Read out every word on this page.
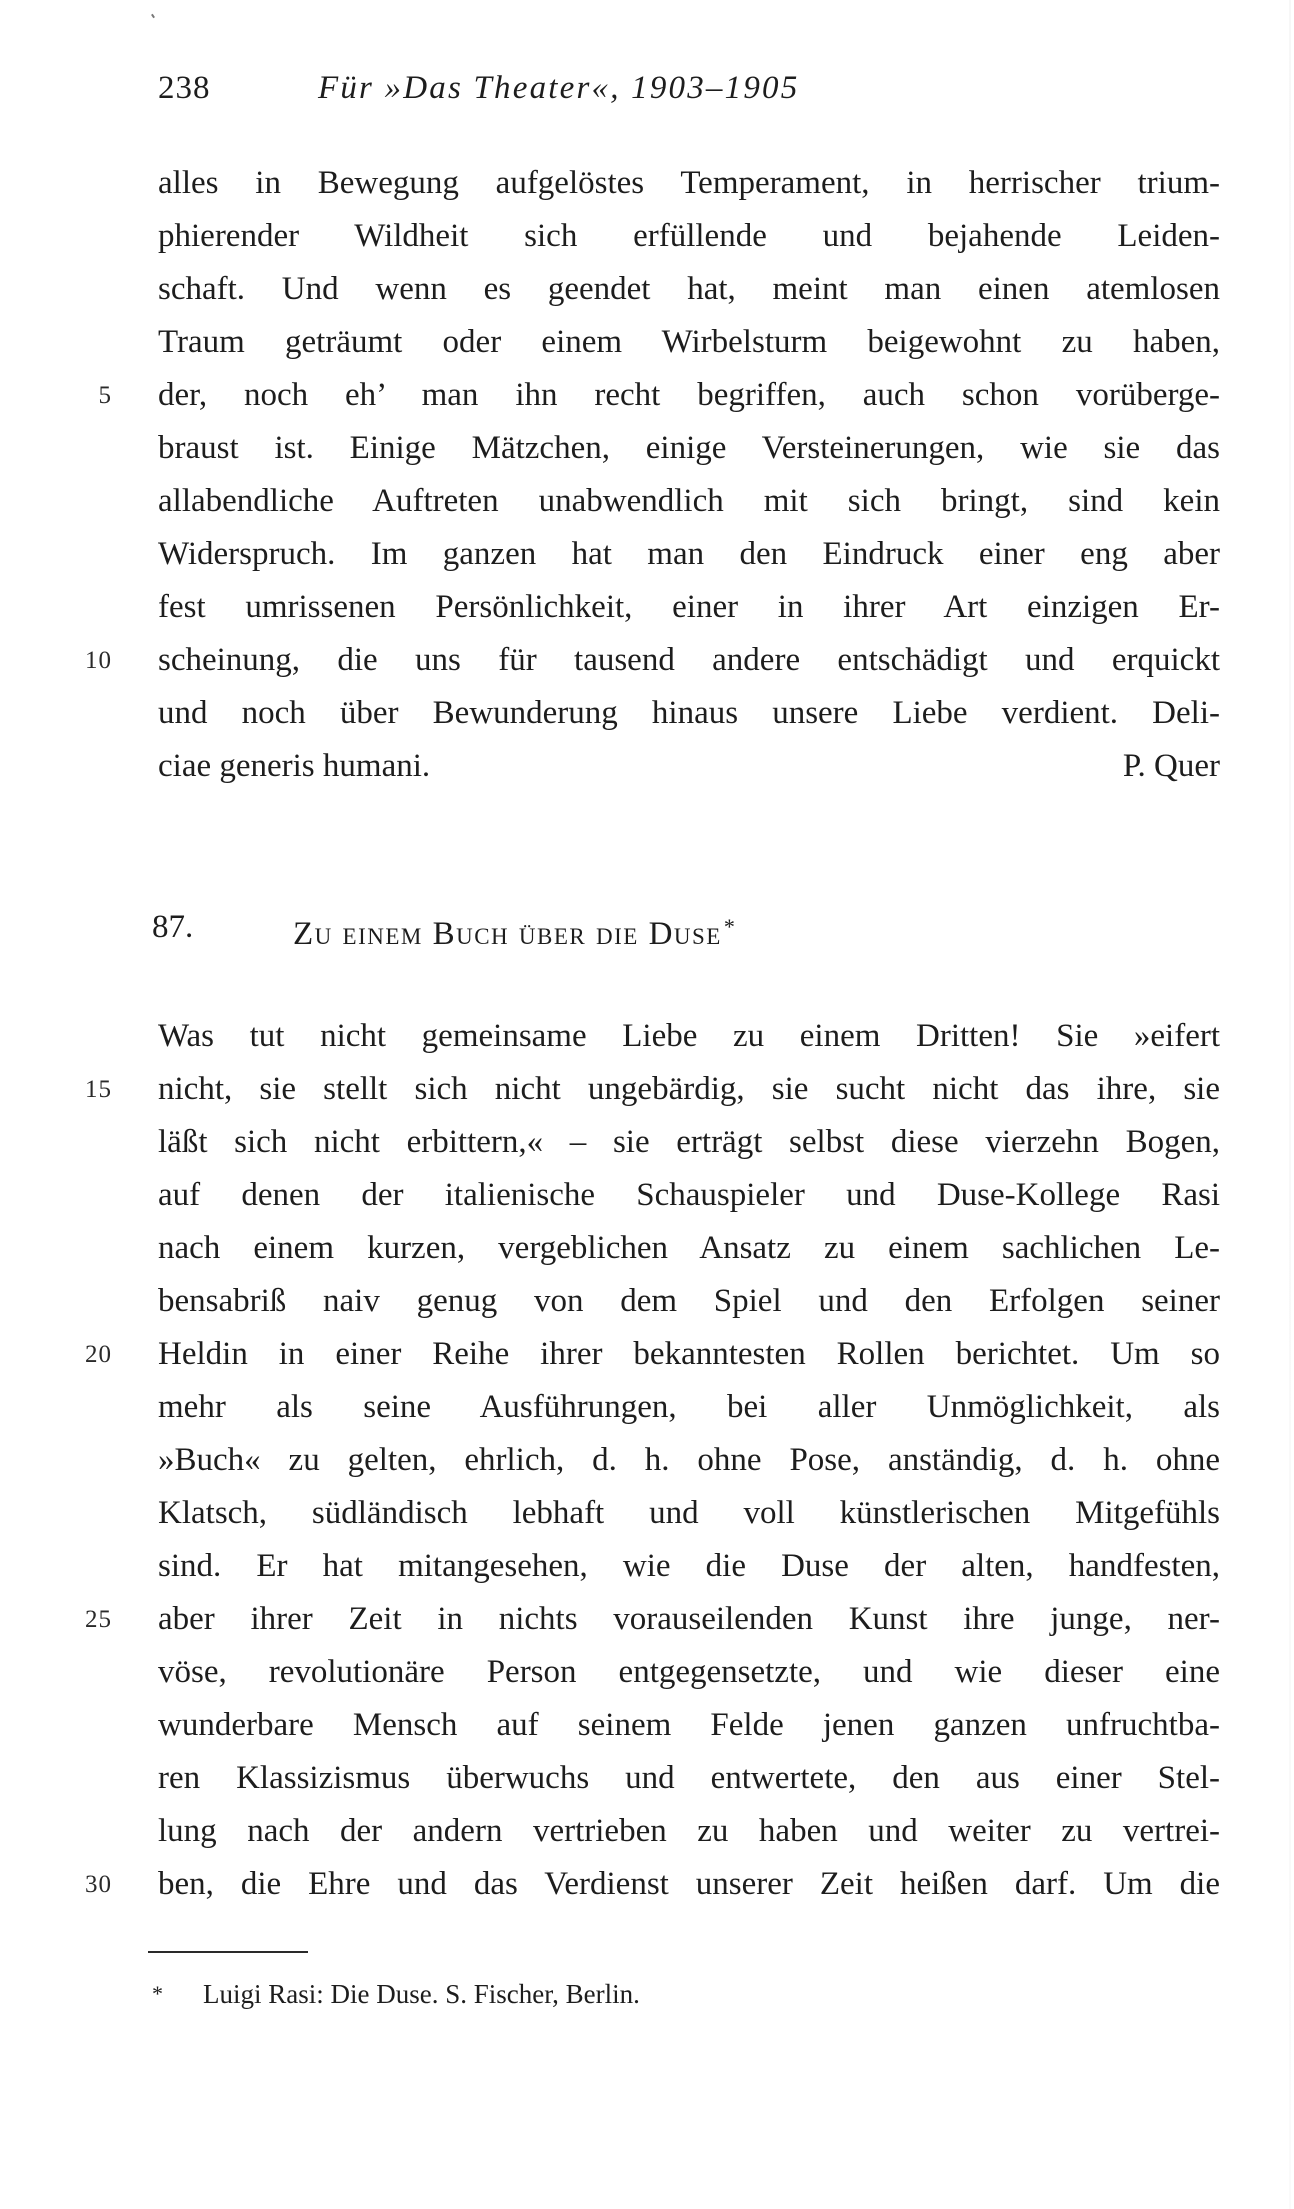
238	Für »Das Theater«, 1903–1905
alles in Bewegung aufgelöstes Temperament, in herrischer trium-
phierender Wildheit sich erfüllende und bejahende Leiden-
schaft. Und wenn es geendet hat, meint man einen atemlosen
Traum geträumt oder einem Wirbelsturm beigewohnt zu haben,
der, noch eh’ man ihn recht begriffen, auch schon vorüberge-
braust ist. Einige Mätzchen, einige Versteinerungen, wie sie das
allabendliche Auftreten unabwendlich mit sich bringt, sind kein
Widerspruch. Im ganzen hat man den Eindruck einer eng aber
fest umrissenen Persönlichkeit, einer in ihrer Art einzigen Er-
scheinung, die uns für tausend andere entschädigt und erquickt
und noch über Bewunderung hinaus unsere Liebe verdient. Deli-
ciae generis humani.	P. Quer
87.	Zu einem Buch über die Duse*
Was tut nicht gemeinsame Liebe zu einem Dritten! Sie »eifert
nicht, sie stellt sich nicht ungebärdig, sie sucht nicht das ihre, sie
läßt sich nicht erbittern,« – sie erträgt selbst diese vierzehn Bogen,
auf denen der italienische Schauspieler und Duse-Kollege Rasi
nach einem kurzen, vergeblichen Ansatz zu einem sachlichen Le-
bensabriß naiv genug von dem Spiel und den Erfolgen seiner
Heldin in einer Reihe ihrer bekanntesten Rollen berichtet. Um so
mehr als seine Ausführungen, bei aller Unmöglichkeit, als
»Buch« zu gelten, ehrlich, d. h. ohne Pose, anständig, d. h. ohne
Klatsch, südländisch lebhaft und voll künstlerischen Mitgefühls
sind. Er hat mitangesehen, wie die Duse der alten, handfesten,
aber ihrer Zeit in nichts vorauseilenden Kunst ihre junge, ner-
vöse, revolutionäre Person entgegensetzte, und wie dieser eine
wunderbare Mensch auf seinem Felde jenen ganzen unfruchtba-
ren Klassizismus überwuchs und entwertete, den aus einer Stel-
lung nach der andern vertrieben zu haben und weiter zu vertrei-
ben, die Ehre und das Verdienst unserer Zeit heißen darf. Um die
5
10
15
20
25
30
* Luigi Rasi: Die Duse. S. Fischer, Berlin.
